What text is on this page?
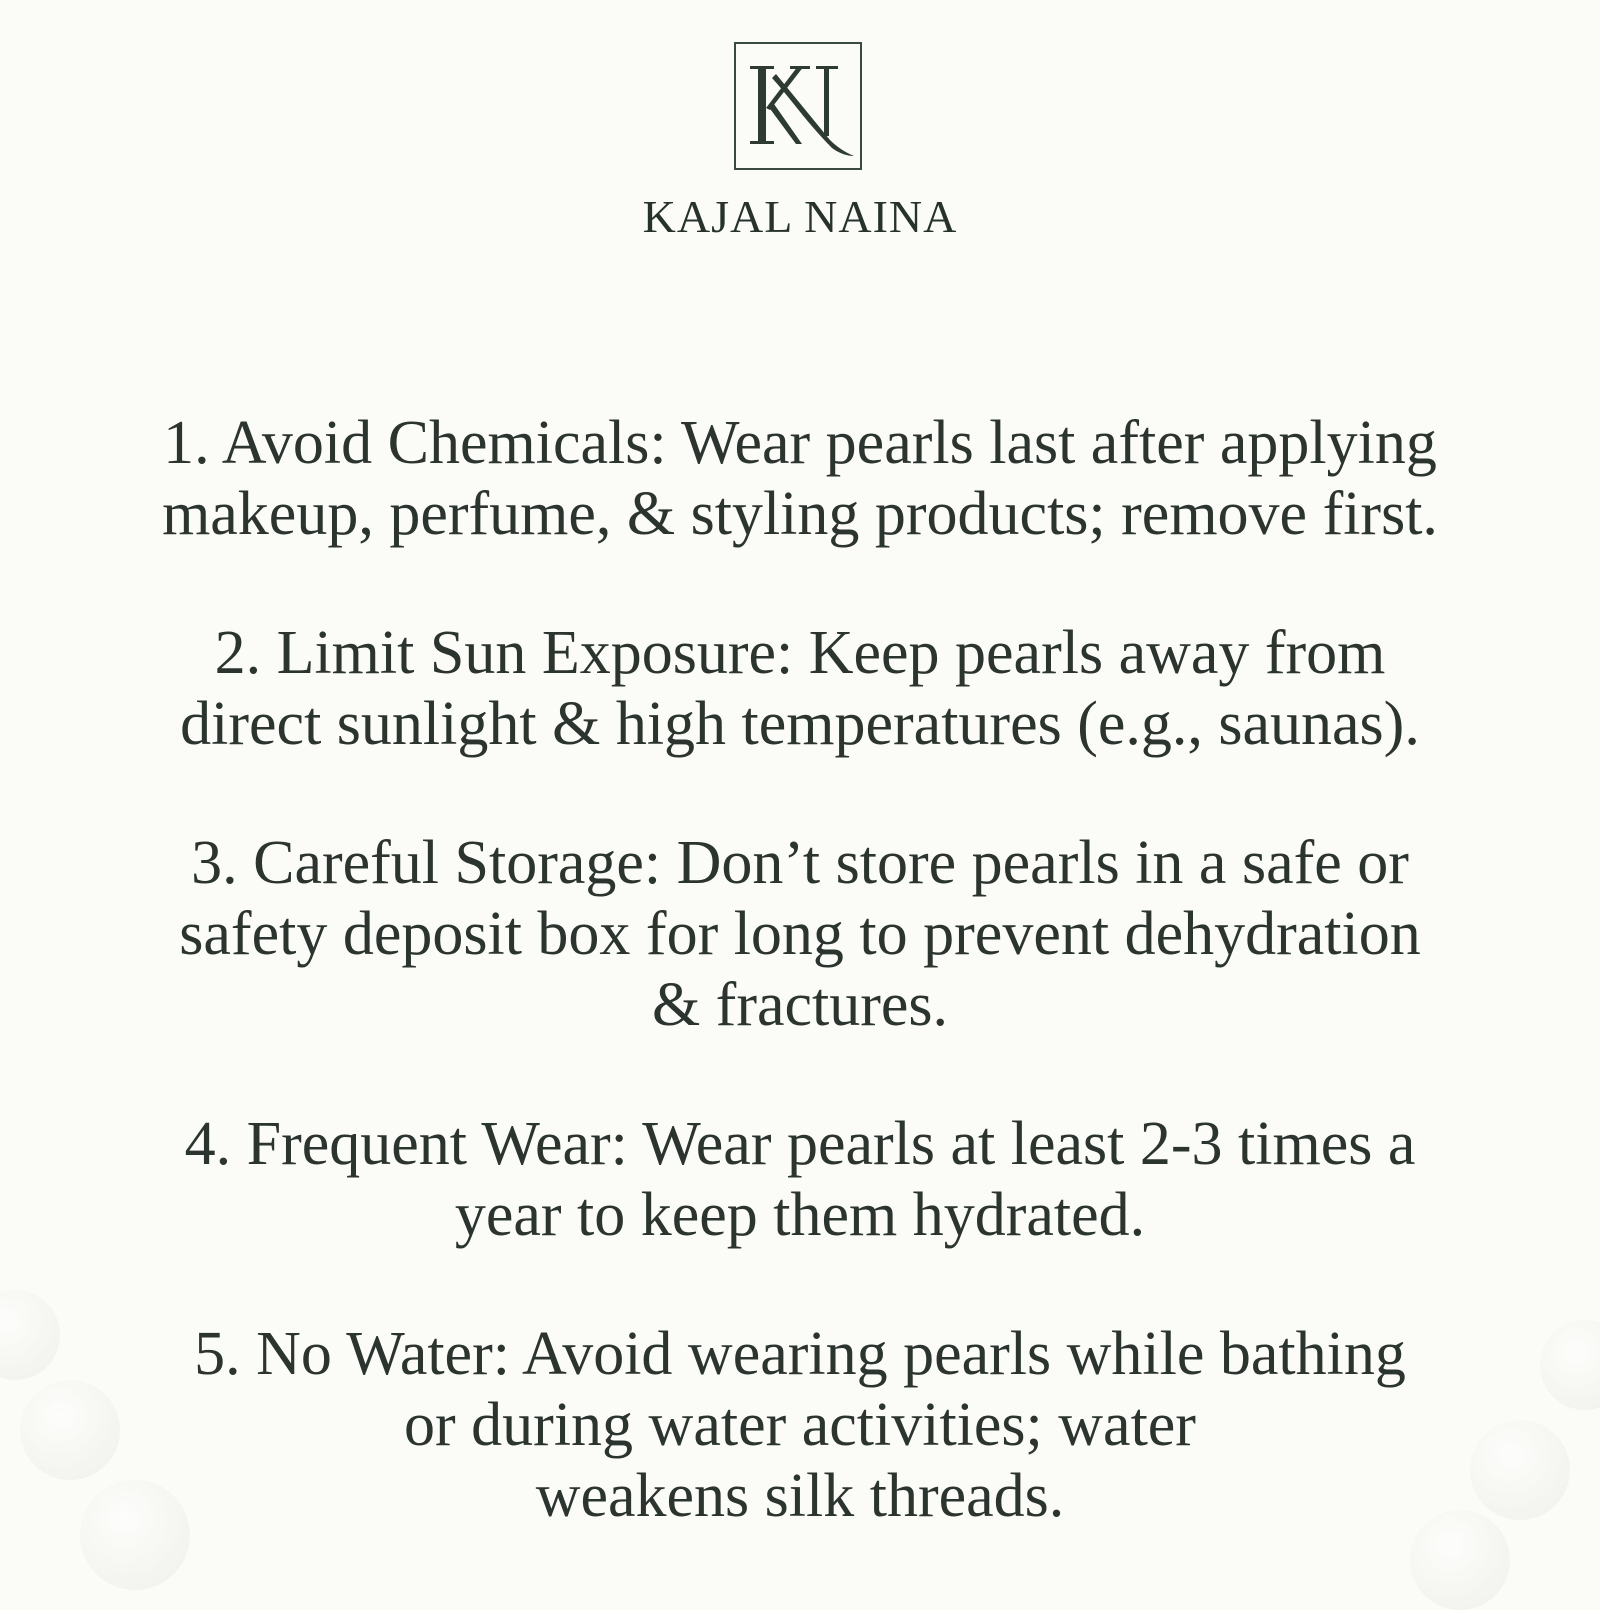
KAJAL NAINA
1. Avoid Chemicals: Wear pearls last after applying
makeup, perfume, & styling products; remove first.
2. Limit Sun Exposure: Keep pearls away from
direct sunlight & high temperatures (e.g., saunas).
3. Careful Storage: Don’t store pearls in a safe or
safety deposit box for long to prevent dehydration
& fractures.
4. Frequent Wear: Wear pearls at least 2-3 times a
year to keep them hydrated.
5. No Water: Avoid wearing pearls while bathing
or during water activities; water
weakens silk threads.
